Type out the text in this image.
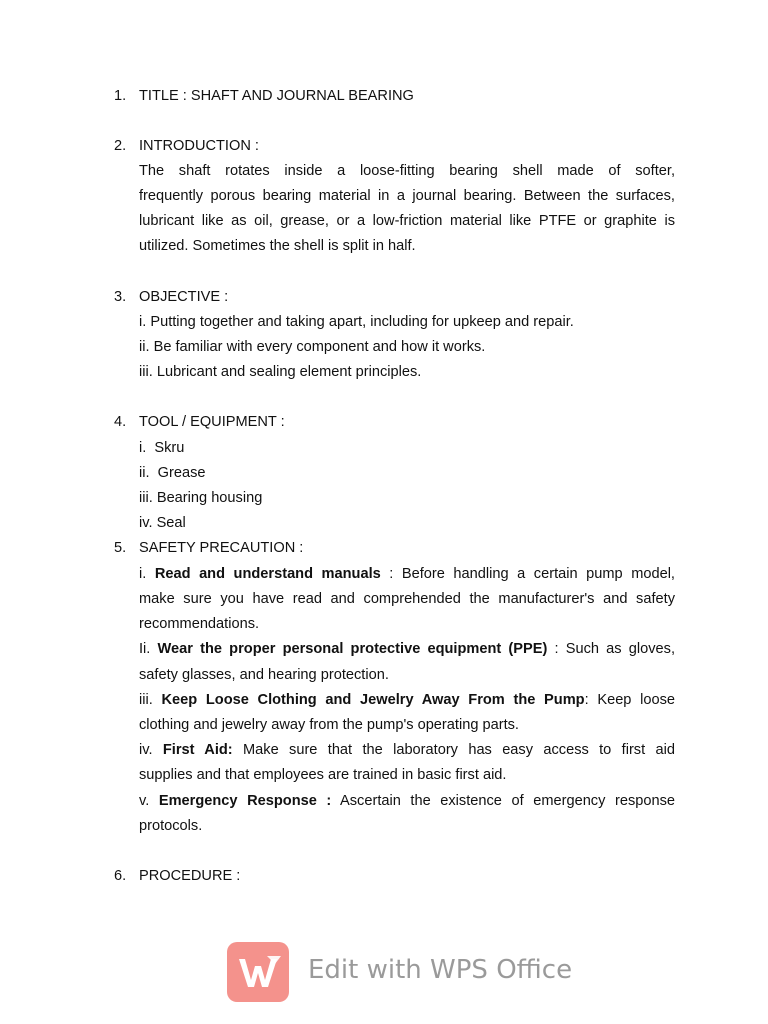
1. TITLE : SHAFT AND JOURNAL BEARING
2. INTRODUCTION :
The shaft rotates inside a loose-fitting bearing shell made of softer,
frequently porous bearing material in a journal bearing. Between the surfaces,
lubricant like as oil, grease, or a low-friction material like PTFE or graphite is
utilized. Sometimes the shell is split in half.
3. OBJECTIVE :
i. Putting together and taking apart, including for upkeep and repair.
ii. Be familiar with every component and how it works.
iii. Lubricant and sealing element principles.
4. TOOL / EQUIPMENT :
i.  Skru
ii.  Grease
iii. Bearing housing
iv. Seal
5. SAFETY PRECAUTION :
i. Read and understand manuals : Before handling a certain pump model,
make sure you have read and comprehended the manufacturer's and safety
recommendations.
Ii. Wear the proper personal protective equipment (PPE) : Such as gloves,
safety glasses, and hearing protection.
iii. Keep Loose Clothing and Jewelry Away From the Pump: Keep loose
clothing and jewelry away from the pump's operating parts.
iv. First Aid: Make sure that the laboratory has easy access to first aid
supplies and that employees are trained in basic first aid.
v. Emergency Response : Ascertain the existence of emergency response
protocols.
6. PROCEDURE :
Edit with WPS Office
